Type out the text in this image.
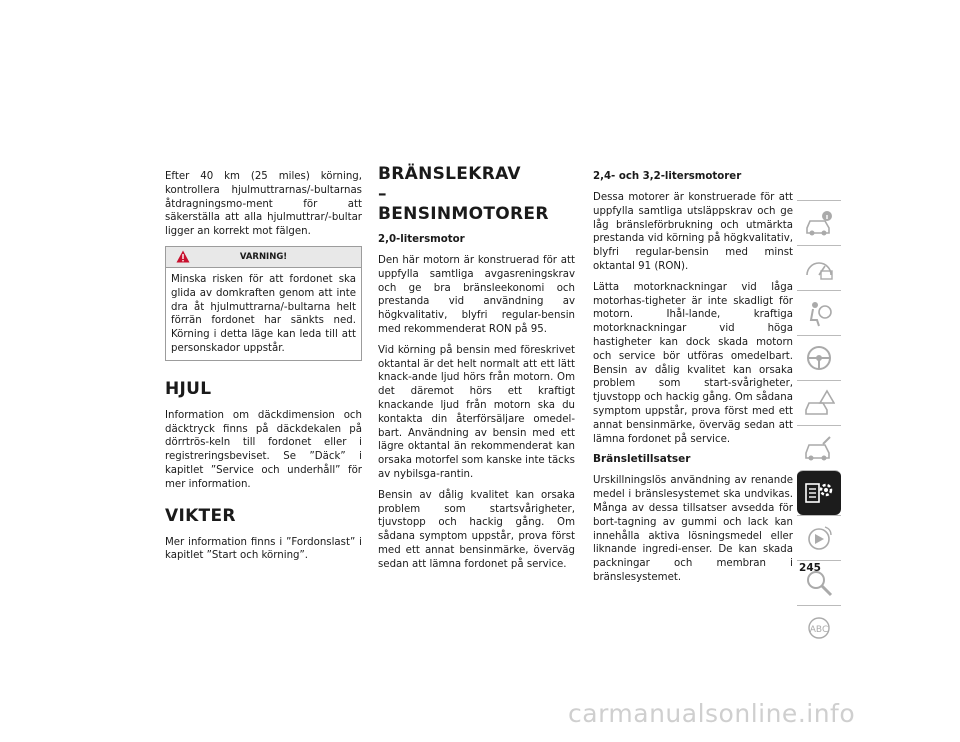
Efter 40 km (25 miles) körning, kontrollera hjulmuttrarnas/-bultarnas åtdragningsmo-ment för att säkerställa att alla hjulmuttrar/-bultar ligger an korrekt mot fälgen.

VARNING!
Minska risken för att fordonet ska glida av domkraften genom att inte dra åt hjulmuttrarna/-bultarna helt förrän fordonet har sänkts ned. Körning i detta läge kan leda till att personskador uppstår.
HJUL

Information om däckdimension och däcktryck finns på däckdekalen på dörrtrös-keln till fordonet eller i registreringsbeviset. Se ”Däck” i kapitlet ”Service och underhåll” för mer information.

VIKTER

Mer information finns i ”Fordonslast” i kapitlet ”Start och körning”.

BRÄNSLEKRAV – BENSINMOTORER
2,0-litersmotor

Den här motorn är konstruerad för att uppfylla samtliga avgasreningskrav och ge bra bränsleekonomi och prestanda vid användning av högkvalitativ, blyfri regular-bensin med rekommenderat RON på 95.

Vid körning på bensin med föreskrivet oktantal är det helt normalt att ett lätt knack-ande ljud hörs från motorn. Om det däremot hörs ett kraftigt knackande ljud från motorn ska du kontakta din återförsäljare omedel-bart. Användning av bensin med ett lägre oktantal än rekommenderat kan orsaka motorfel som kanske inte täcks av nybilsga-rantin.

Bensin av dålig kvalitet kan orsaka problem som startsvårigheter, tjuvstopp och hackig gång. Om sådana symptom uppstår, prova först med ett annat bensinmärke, överväg sedan att lämna fordonet på service.

2,4- och 3,2-litersmotorer

Dessa motorer är konstruerade för att uppfylla samtliga utsläppskrav och ge låg bränsleförbrukning och utmärkta prestanda vid körning på högkvalitativ, blyfri regular-bensin med minst oktantal 91 (RON).

Lätta motorknackningar vid låga motorhas-tigheter är inte skadligt för motorn. Ihål-lande, kraftiga motorknackningar vid höga hastigheter kan dock skada motorn och service bör utföras omedelbart. Bensin av dålig kvalitet kan orsaka problem som start-svårigheter, tjuvstopp och hackig gång. Om sådana symptom uppstår, prova först med ett annat bensinmärke, överväg sedan att lämna fordonet på service.

Bränsletillsatser

Urskillningslös användning av renande medel i bränslesystemet ska undvikas. Många av dessa tillsatser avsedda för bort-tagning av gummi och lack kan innehålla aktiva lösningsmedel eller liknande ingredi-enser. De kan skada packningar och membran i bränslesystemet.

ABC
245
carmanualsonline.info
